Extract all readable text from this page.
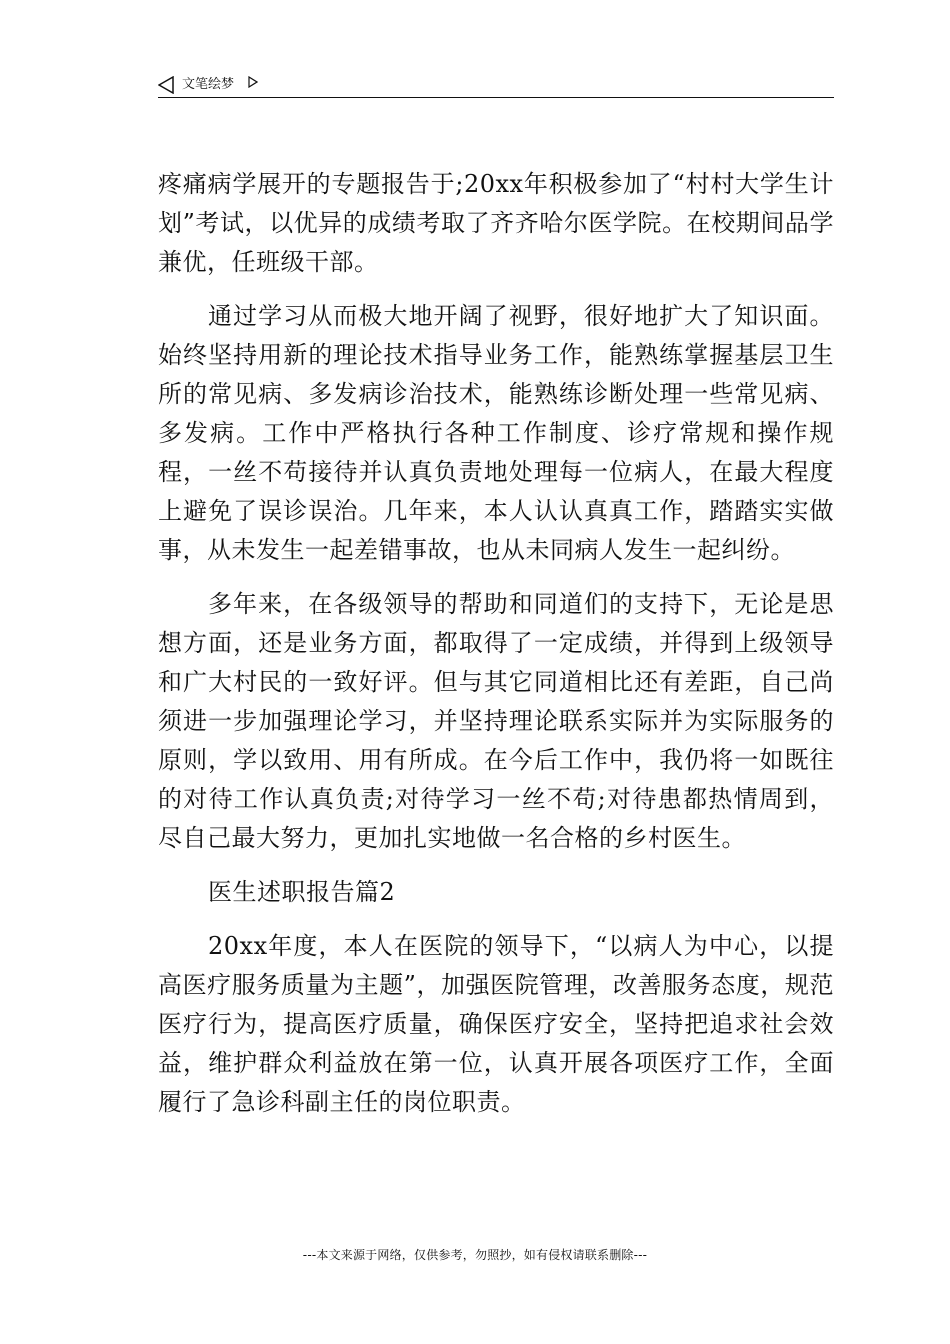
文笔绘梦

疼痛病学展开的专题报告于;20xx年积极参加了“村村大学生计划”考试，以优异的成绩考取了齐齐哈尔医学院。在校期间品学兼优，任班级干部。

通过学习从而极大地开阔了视野，很好地扩大了知识面。始终坚持用新的理论技术指导业务工作，能熟练掌握基层卫生所的常见病、多发病诊治技术，能熟练诊断处理一些常见病、多发病。工作中严格执行各种工作制度、诊疗常规和操作规程，一丝不苟接待并认真负责地处理每一位病人，在最大程度上避免了误诊误治。几年来，本人认认真真工作，踏踏实实做事，从未发生一起差错事故，也从未同病人发生一起纠纷。

多年来，在各级领导的帮助和同道们的支持下，无论是思想方面，还是业务方面，都取得了一定成绩，并得到上级领导和广大村民的一致好评。但与其它同道相比还有差距，自己尚须进一步加强理论学习，并坚持理论联系实际并为实际服务的原则，学以致用、用有所成。在今后工作中，我仍将一如既往的对待工作认真负责;对待学习一丝不苟;对待患都热情周到，尽自己最大努力，更加扎实地做一名合格的乡村医生。

医生述职报告篇2

20xx年度，本人在医院的领导下，“以病人为中心，以提高医疗服务质量为主题”，加强医院管理，改善服务态度，规范医疗行为，提高医疗质量，确保医疗安全，坚持把追求社会效益，维护群众利益放在第一位，认真开展各项医疗工作，全面履行了急诊科副主任的岗位职责。

---本文来源于网络，仅供参考，勿照抄，如有侵权请联系删除---
